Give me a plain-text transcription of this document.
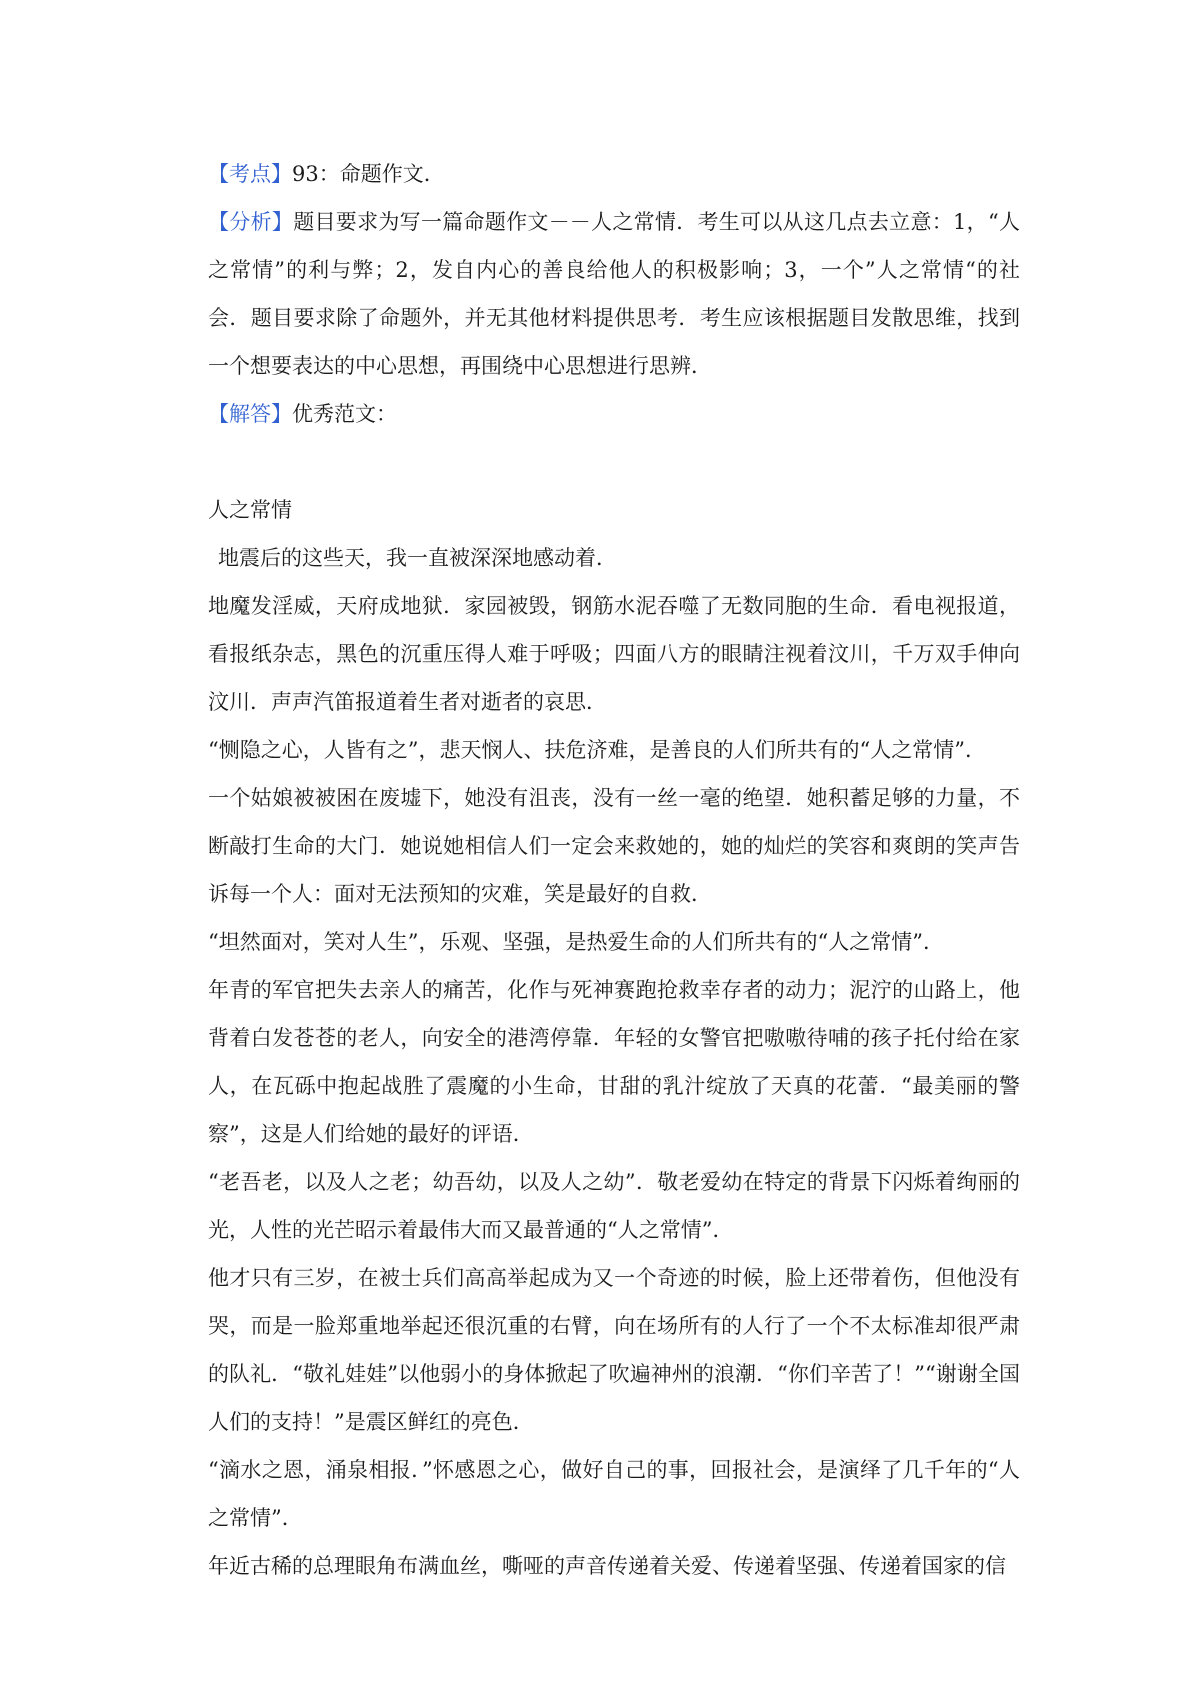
【考点】93：命题作文．

【分析】题目要求为写一篇命题作文－－人之常情．考生可以从这几点去立意：1，“人之常情”的利与弊；2，发自内心的善良给他人的积极影响；3，一个”人之常情“的社会．题目要求除了命题外，并无其他材料提供思考．考生应该根据题目发散思维，找到一个想要表达的中心思想，再围绕中心思想进行思辨．

【解答】优秀范文：

人之常情

地震后的这些天，我一直被深深地感动着．

地魔发淫威，天府成地狱．家园被毁，钢筋水泥吞噬了无数同胞的生命．看电视报道，看报纸杂志，黑色的沉重压得人难于呼吸；四面八方的眼睛注视着汶川，千万双手伸向汶川．声声汽笛报道着生者对逝者的哀思．

“恻隐之心，人皆有之”，悲天悯人、扶危济难，是善良的人们所共有的“人之常情”．

一个姑娘被被困在废墟下，她没有沮丧，没有一丝一毫的绝望．她积蓄足够的力量，不断敲打生命的大门．她说她相信人们一定会来救她的，她的灿烂的笑容和爽朗的笑声告诉每一个人：面对无法预知的灾难，笑是最好的自救．

“坦然面对，笑对人生”，乐观、坚强，是热爱生命的人们所共有的“人之常情”．

年青的军官把失去亲人的痛苦，化作与死神赛跑抢救幸存者的动力；泥泞的山路上，他背着白发苍苍的老人，向安全的港湾停靠．年轻的女警官把嗷嗷待哺的孩子托付给在家人，在瓦砾中抱起战胜了震魔的小生命，甘甜的乳汁绽放了天真的花蕾．“最美丽的警察”，这是人们给她的最好的评语．

“老吾老，以及人之老；幼吾幼，以及人之幼”．敬老爱幼在特定的背景下闪烁着绚丽的光，人性的光芒昭示着最伟大而又最普通的“人之常情”．

他才只有三岁，在被士兵们高高举起成为又一个奇迹的时候，脸上还带着伤，但他没有哭，而是一脸郑重地举起还很沉重的右臂，向在场所有的人行了一个不太标准却很严肃的队礼．“敬礼娃娃”以他弱小的身体掀起了吹遍神州的浪潮．“你们辛苦了！”“谢谢全国人们的支持！”是震区鲜红的亮色．

“滴水之恩，涌泉相报．”怀感恩之心，做好自己的事，回报社会，是演绎了几千年的“人之常情”．

年近古稀的总理眼角布满血丝，嘶哑的声音传递着关爱、传递着坚强、传递着国家的信
